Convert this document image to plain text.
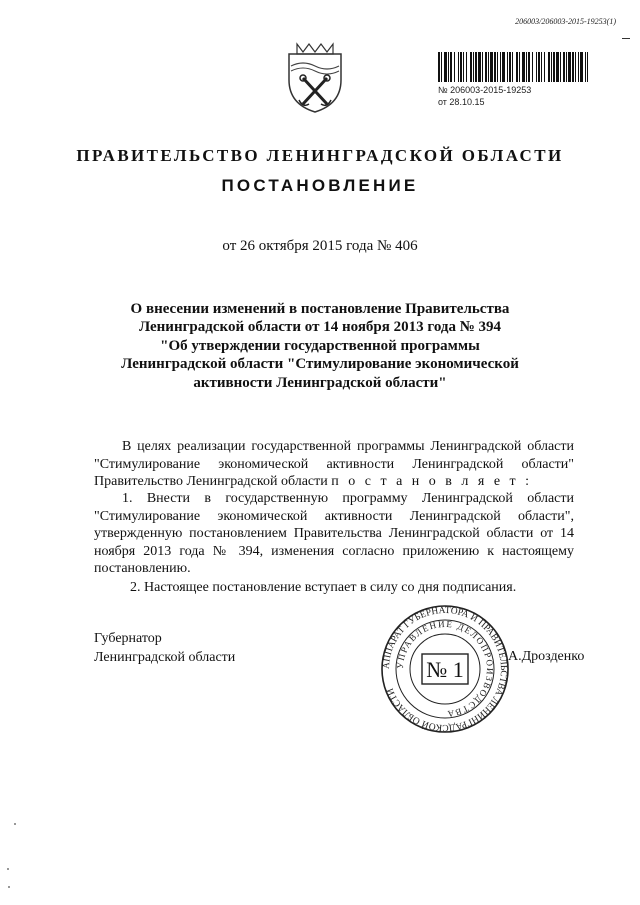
206003/206003-2015-19253(1)
№ 206003-2015-19253
от 28.10.15
ПРАВИТЕЛЬСТВО ЛЕНИНГРАДСКОЙ ОБЛАСТИ
ПОСТАНОВЛЕНИЕ
от 26 октября 2015 года № 406
О внесении изменений в постановление Правительства
Ленинградской области от 14 ноября 2013 года № 394
"Об утверждении государственной программы
Ленинградской области "Стимулирование экономической
активности Ленинградской области"
В целях реализации государственной программы Ленинградской области "Стимулирование экономической активности Ленинградской области" Правительство Ленинградской области п о с т а н о в л я е т :
1. Внести в государственную программу Ленинградской области "Стимулирование экономической активности Ленинградской области", утвержденную постановлением Правительства Ленинградской области от 14 ноября 2013 года № 394, изменения согласно приложению к настоящему постановлению.
2. Настоящее постановление вступает в силу со дня подписания.
Губернатор
Ленинградской области
АППАРАТ ГУБЕРНАТОРА И ПРАВИТЕЛЬСТВА ЛЕНИНГРАДСКОЙ ОБЛАСТИ
УПРАВЛЕНИЕ ДЕЛОПРОИЗВОДСТВА
№ 1
А.Дрозденко
